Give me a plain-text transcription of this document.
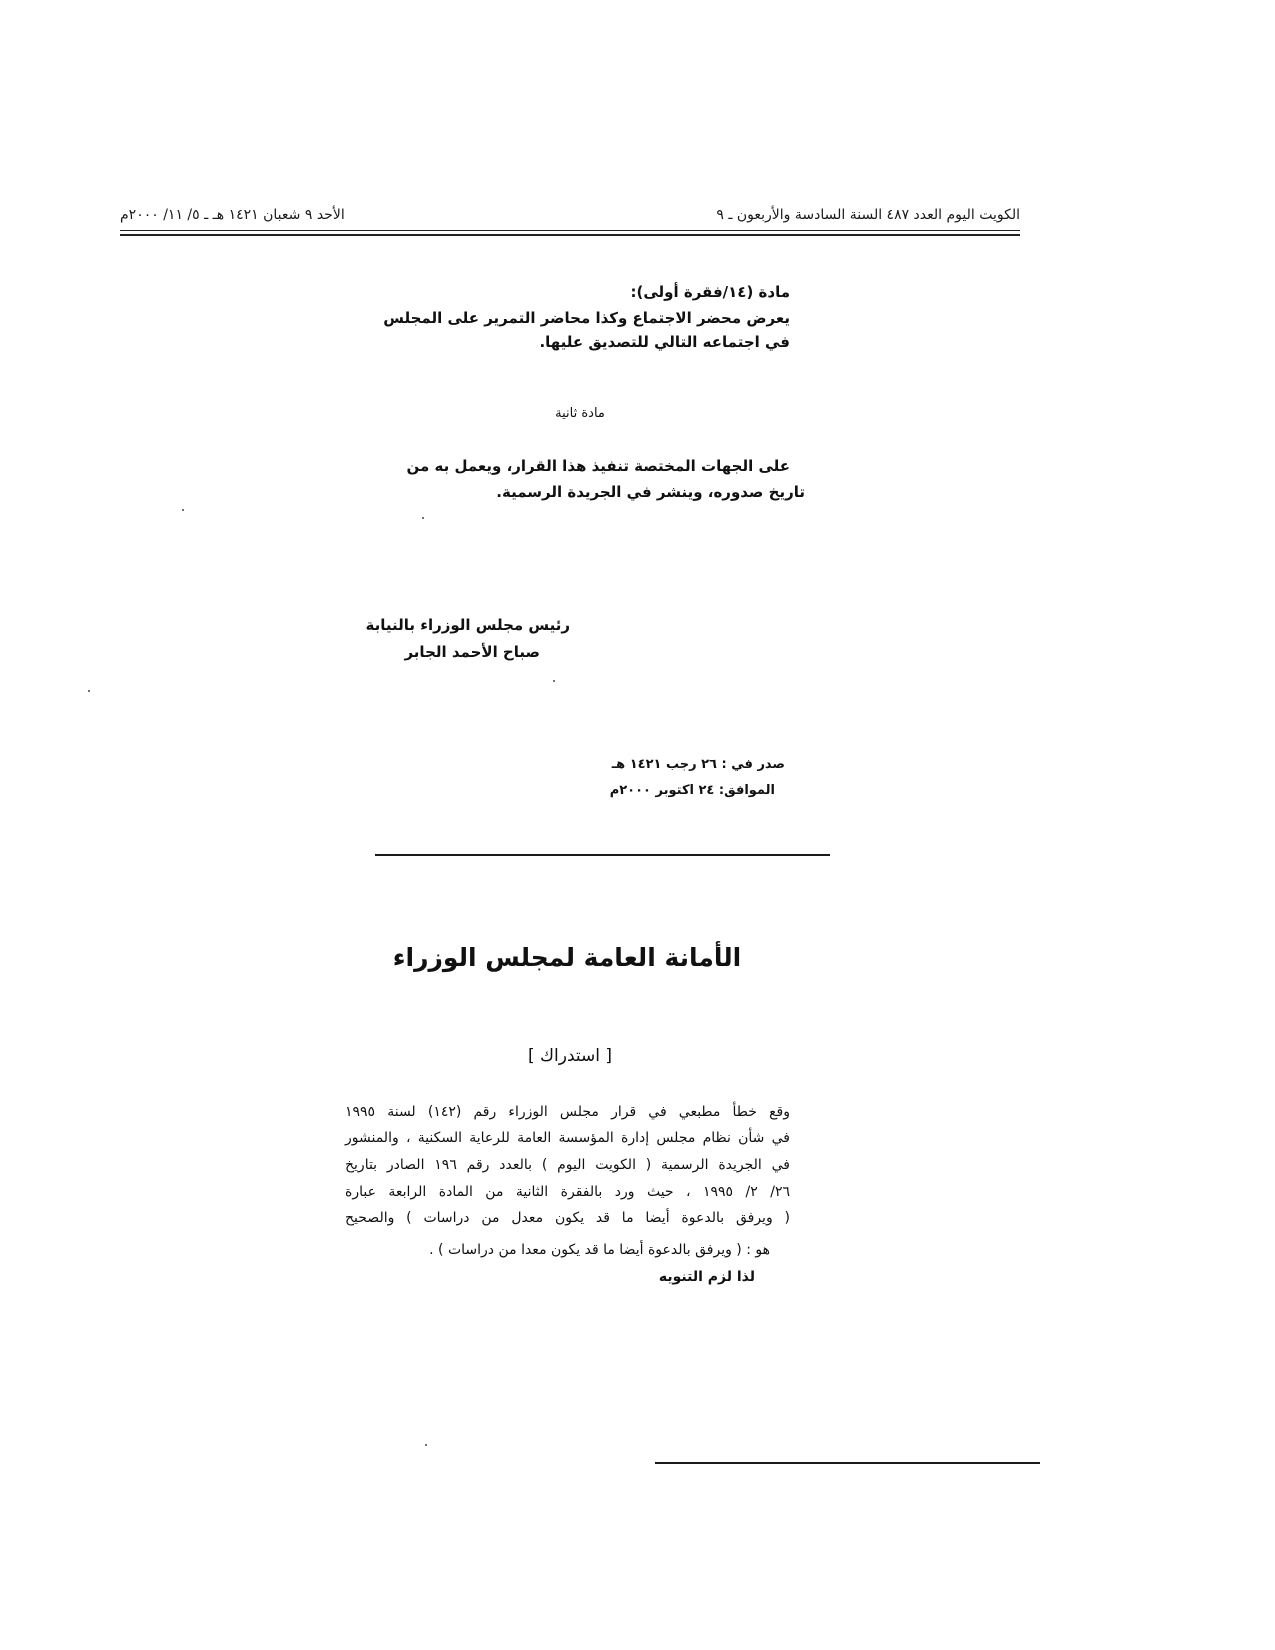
الكويت اليوم العدد ٤٨٧ السنة السادسة والأربعون ـ ٩
الأحد ٩ شعبان ١٤٢١ هـ ـ ٥/ ١١/ ٢٠٠٠م
مادة (١٤/فقرة أولى):
يعرض محضر الاجتماع وكذا محاضر التمرير على المجلس
في اجتماعه التالي للتصديق عليها.
مادة ثانية
على الجهات المختصة تنفيذ هذا القرار، ويعمل به من
تاريخ صدوره، وينشر في الجريدة الرسمية.
رئيس مجلس الوزراء بالنيابة
صباح الأحمد الجابر
صدر في : ٢٦ رجب ١٤٢١ هـ
الموافق: ٢٤ اكتوبر ٢٠٠٠م
الأمانة العامة لمجلس الوزراء
[ استدراك ]
وقع خطأ مطبعي في قرار مجلس الوزراء رقم (١٤٢) لسنة ١٩٩٥
في شأن نظام مجلس إدارة المؤسسة العامة للرعاية السكنية ، والمنشور
في الجريدة الرسمية ( الكويت اليوم ) بالعدد رقم ١٩٦ الصادر بتاريخ
٢٦/ ٢/ ١٩٩٥ ، حيث ورد بالفقرة الثانية من المادة الرابعة عبارة
( ويرفق بالدعوة أيضا ما قد يكون معدل من دراسات ) والصحيح
هو : ( ويرفق بالدعوة أيضا ما قد يكون معدا من دراسات ) .
لذا لزم التنويه
